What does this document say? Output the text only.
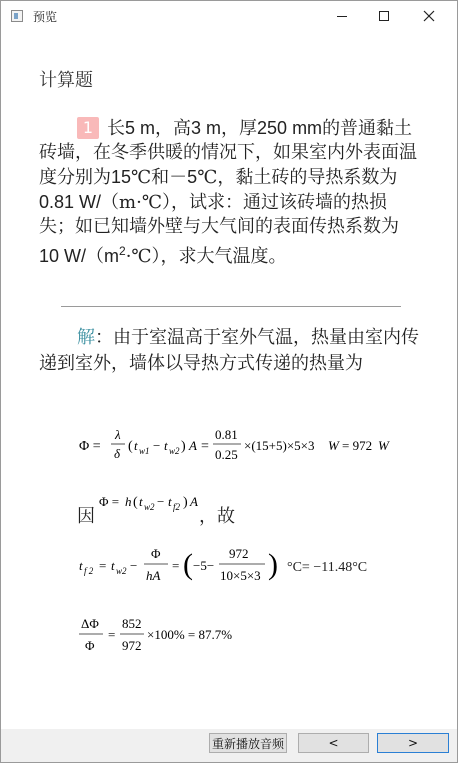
预览
计算题
1 长5 m，高3 m，厚250 mm的普通黏土砖墙，在冬季供暖的情况下，如果室内外表面温度分别为15℃和－5℃，黏土砖的导热系数为0.81 W/（m·℃），试求：通过该砖墙的热损失；如已知墙外壁与大气间的表面传热系数为10 $W/(m^2\cdot℃)$，求大气温度。
解：由于室温高于室外气温，热量由室内传递到室外，墙体以导热方式传递的热量为
Φ =
λ
δ ( t w1 − t w2 ) A =
0.81
0.25
×(15+5)×5×3 W = 972 W
因
Φ = h ( t w2 − t f2 ) A
，故
t f 2 = t w2 −
Φ
hA
= ( −5−
972
10×5×3 ) °C= −11.48°C
ΔΦ
Φ
=
852
972
×100% = 87.7%
重新播放音频	<	>
